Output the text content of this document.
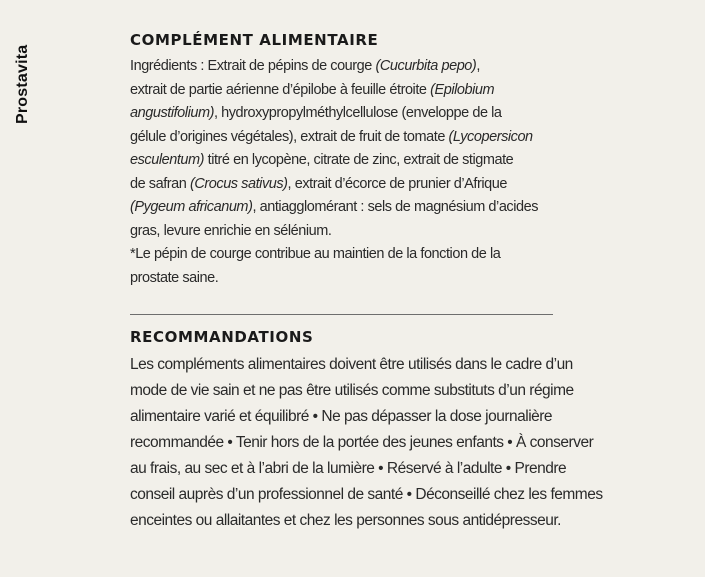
Prostavita
COMPLÉMENT ALIMENTAIRE
Ingrédients : Extrait de pépins de courge (Cucurbita pepo),
extrait de partie aérienne d’épilobe à feuille étroite (Epilobium
angustifolium), hydroxypropylméthylcellulose (enveloppe de la
gélule d’origines végétales), extrait de fruit de tomate (Lycopersicon
esculentum) titré en lycopène, citrate de zinc, extrait de stigmate
de safran (Crocus sativus), extrait d’écorce de prunier d’Afrique
(Pygeum africanum), antiagglomérant : sels de magnésium d’acides
gras, levure enrichie en sélénium.
*Le pépin de courge contribue au maintien de la fonction de la
prostate saine.
RECOMMANDATIONS
Les compléments alimentaires doivent être utilisés dans le cadre d’un
mode de vie sain et ne pas être utilisés comme substituts d’un régime
alimentaire varié et équilibré • Ne pas dépasser la dose journalière
recommandée • Tenir hors de la portée des jeunes enfants • À conserver
au frais, au sec et à l’abri de la lumière • Réservé à l’adulte • Prendre
conseil auprès d’un professionnel de santé • Déconseillé chez les femmes
enceintes ou allaitantes et chez les personnes sous antidépresseur.
